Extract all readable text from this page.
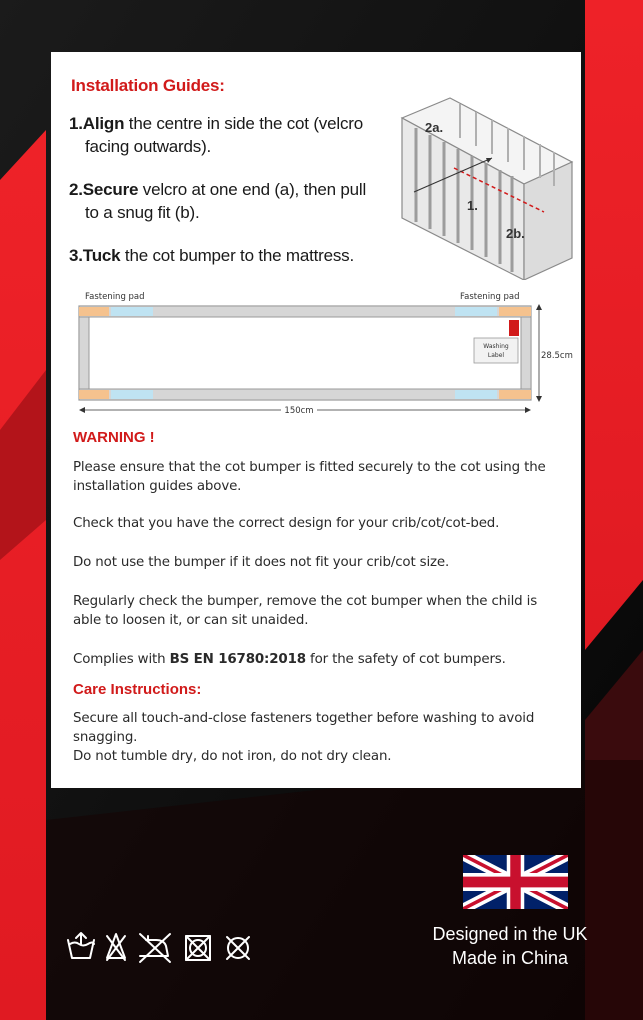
Installation Guides:

1.Align the centre in side the cot (velcro
facing outwards).

2.Secure velcro at one end (a), then pull
to a snug fit (b).

3.Tuck the cot bumper to the mattress.

2a.
1.
2b.
Fastening pad	Fastening pad
Washing
Label	28.5cm
150cm
WARNING !

Please ensure that the cot bumper is fitted securely to the cot using the installation guides above.

Check that you have the correct design for your crib/cot/cot-bed.

Do not use the bumper if it does not fit your crib/cot size.

Regularly check the bumper, remove the cot bumper when the child is able to loosen it, or can sit unaided.

Complies with BS EN 16780:2018 for the safety of cot bumpers.

Care Instructions:

Secure all touch-and-close fasteners together before washing to avoid snagging.

Do not tumble dry, do not iron, do not dry clean.

Designed in the UK
Made in China
